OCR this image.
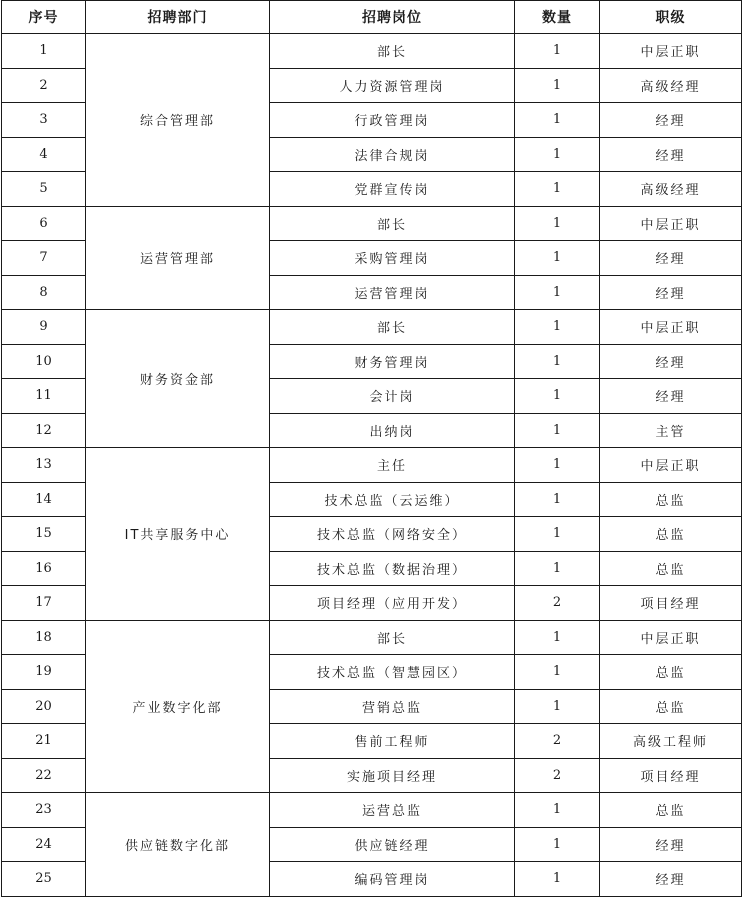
序号	招聘部门	招聘岗位	数量	职级
1	综合管理部	部长	1	中层正职
2		人力资源管理岗	1	高级经理
3		行政管理岗	1	经理
4		法律合规岗	1	经理
5		党群宣传岗	1	高级经理
6	运营管理部	部长	1	中层正职
7		采购管理岗	1	经理
8		运营管理岗	1	经理
9	财务资金部	部长	1	中层正职
10		财务管理岗	1	经理
11		会计岗	1	经理
12		出纳岗	1	主管
13	IT共享服务中心	主任	1	中层正职
14		技术总监（云运维）	1	总监
15		技术总监（网络安全）	1	总监
16		技术总监（数据治理）	1	总监
17		项目经理（应用开发）	2	项目经理
18	产业数字化部	部长	1	中层正职
19		技术总监（智慧园区）	1	总监
20		营销总监	1	总监
21		售前工程师	2	高级工程师
22		实施项目经理	2	项目经理
23	供应链数字化部	运营总监	1	总监
24		供应链经理	1	经理
25		编码管理岗	1	经理
